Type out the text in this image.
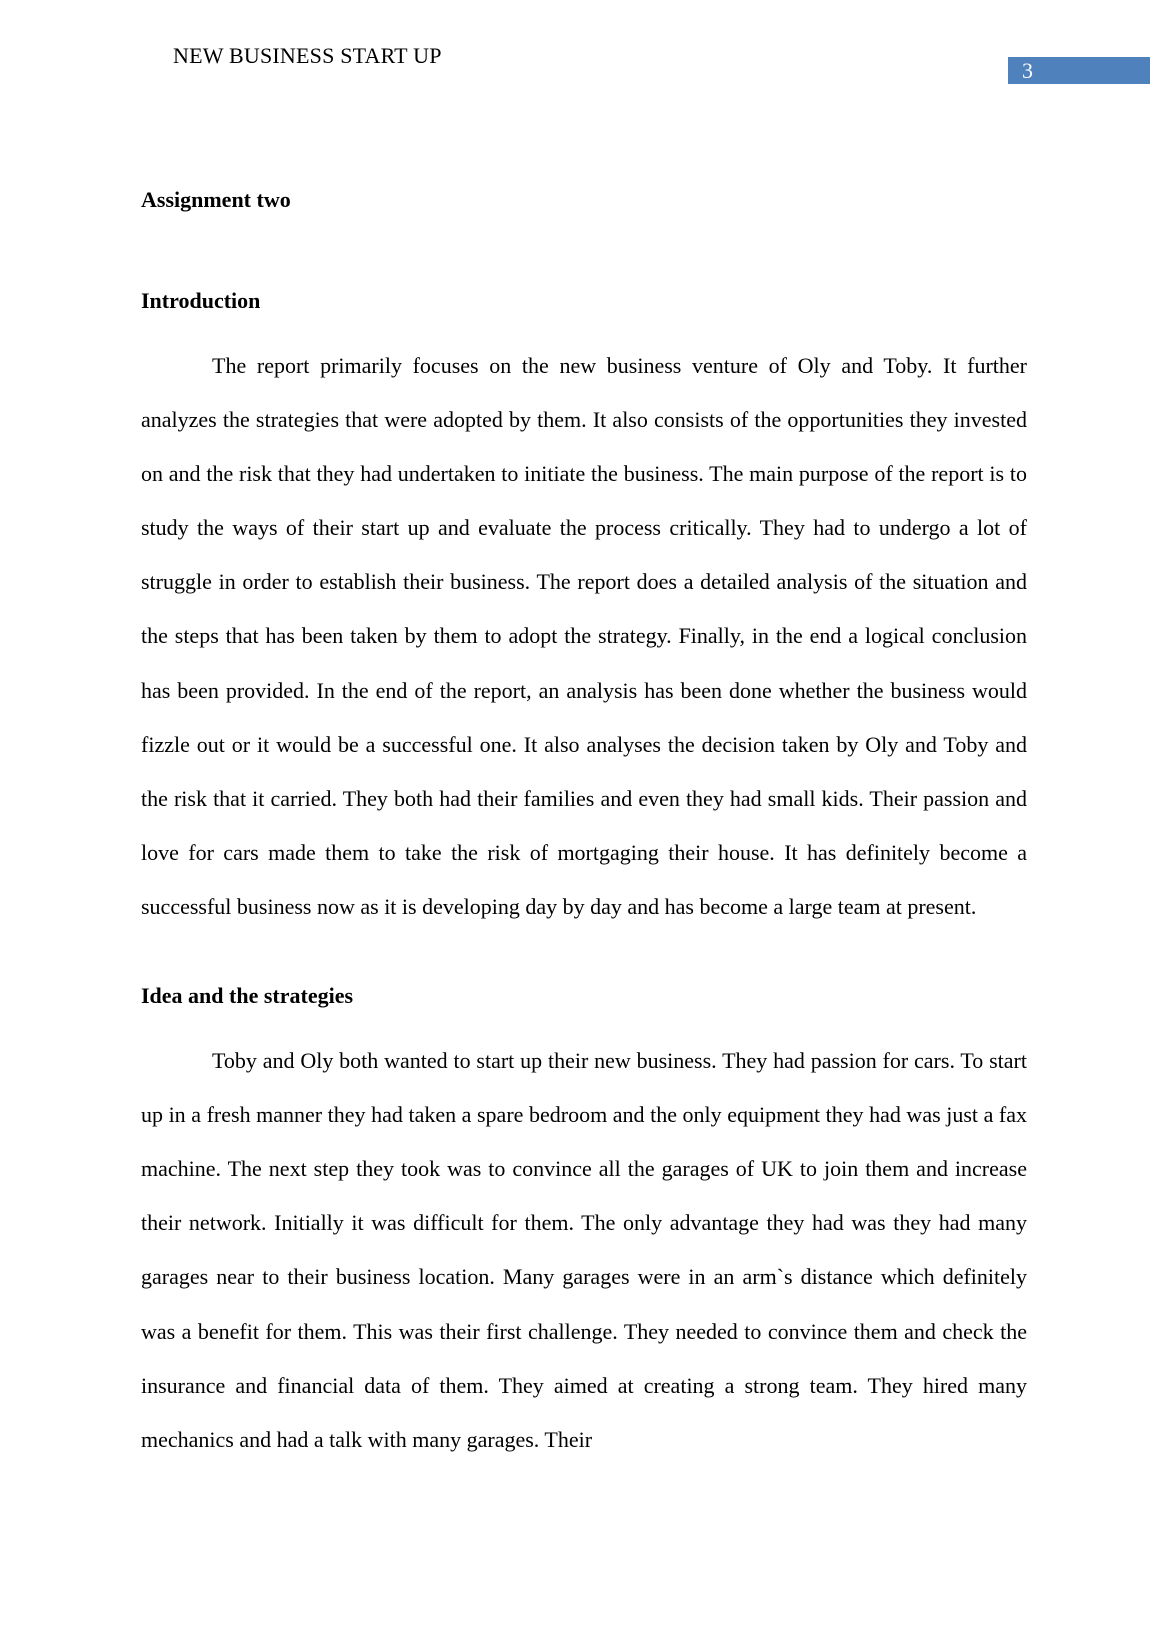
NEW BUSINESS START UP
3

Assignment two

Introduction

The report primarily focuses on the new business venture of Oly and Toby. It further analyzes the strategies that were adopted by them. It also consists of the opportunities they invested on and the risk that they had undertaken to initiate the business. The main purpose of the report is to study the ways of their start up and evaluate the process critically. They had to undergo a lot of struggle in order to establish their business. The report does a detailed analysis of the situation and the steps that has been taken by them to adopt the strategy. Finally, in the end a logical conclusion has been provided. In the end of the report, an analysis has been done whether the business would fizzle out or it would be a successful one. It also analyses the decision taken by Oly and Toby and the risk that it carried. They both had their families and even they had small kids. Their passion and love for cars made them to take the risk of mortgaging their house. It has definitely become a successful business now as it is developing day by day and has become a large team at present.

Idea and the strategies

Toby and Oly both wanted to start up their new business. They had passion for cars. To start up in a fresh manner they had taken a spare bedroom and the only equipment they had was just a fax machine. The next step they took was to convince all the garages of UK to join them and increase their network. Initially it was difficult for them. The only advantage they had was they had many garages near to their business location. Many garages were in an arm`s distance which definitely was a benefit for them. This was their first challenge. They needed to convince them and check the insurance and financial data of them. They aimed at creating a strong team. They hired many mechanics and had a talk with many garages. Their
